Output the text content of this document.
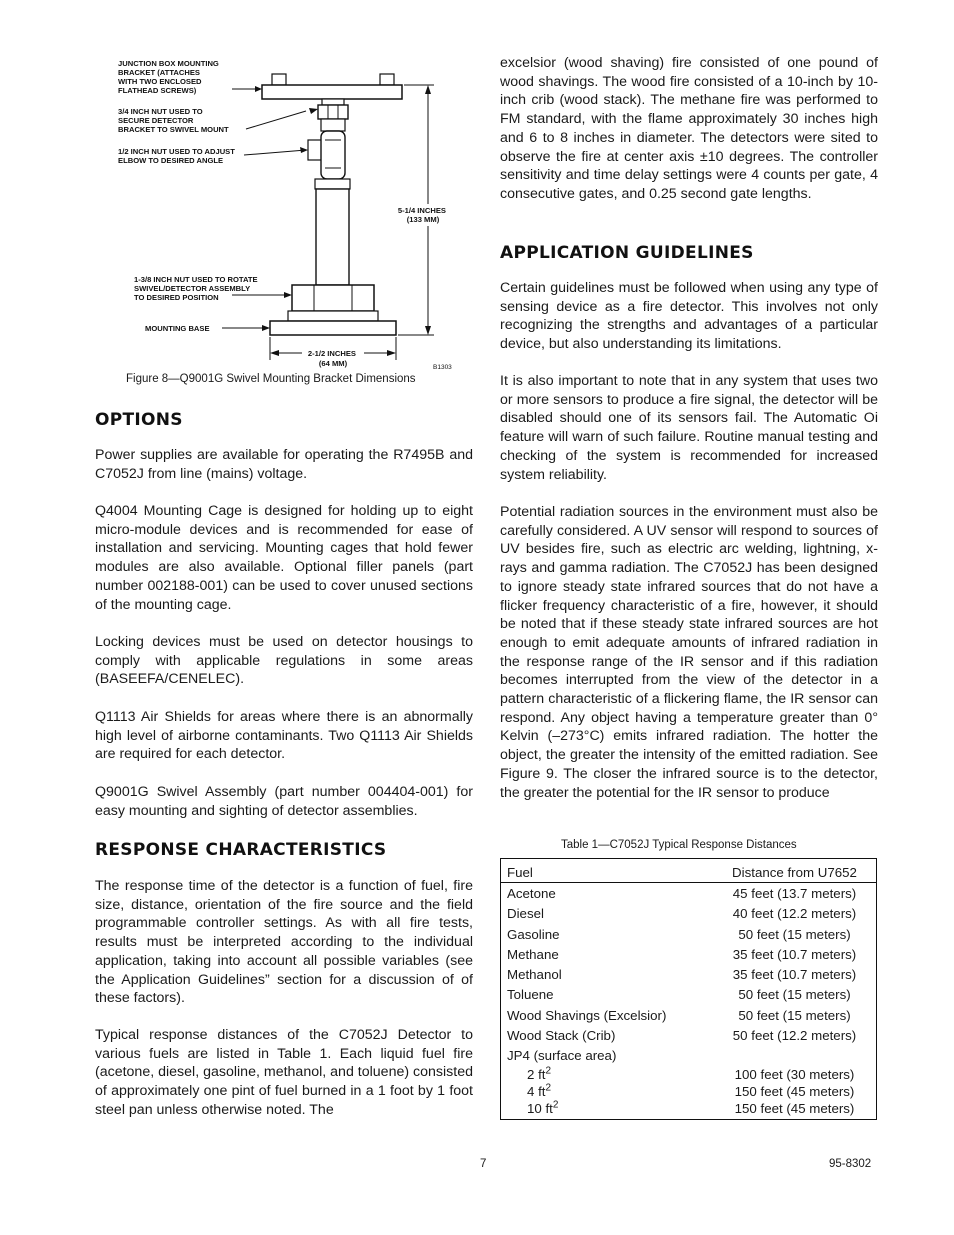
JUNCTION BOX MOUNTING BRACKET (ATTACHES WITH TWO ENCLOSED FLATHEAD SCREWS)
3/4 INCH NUT USED TO SECURE DETECTOR BRACKET TO SWIVEL MOUNT
1/2 INCH NUT USED TO ADJUST ELBOW TO DESIRED ANGLE
1-3/8 INCH NUT USED TO ROTATE SWIVEL/DETECTOR ASSEMBLY TO DESIRED POSITION
MOUNTING BASE
5-1/4 INCHES (133 MM)
2-1/2 INCHES (64 MM)	B1303
Figure 8—Q9001G Swivel Mounting Bracket Dimensions
OPTIONS

Power supplies are available for operating the R7495B and C7052J from line (mains) voltage.

Q4004 Mounting Cage is designed for holding up to eight micro-module devices and is recommended for ease of installation and servicing. Mounting cages that hold fewer modules are also available. Optional filler panels (part number 002188-001) can be used to cover unused sections of the mounting cage.

Locking devices must be used on detector housings to comply with applicable regulations in some areas (BASEEFA/CENELEC).

Q1113 Air Shields for areas where there is an abnormally high level of airborne contaminants. Two Q1113 Air Shields are required for each detector.

Q9001G Swivel Assembly (part number 004404-001) for easy mounting and sighting of detector assemblies.

RESPONSE CHARACTERISTICS

The response time of the detector is a function of fuel, fire size, distance, orientation of the fire source and the field programmable controller settings. As with all fire tests, results must be interpreted according to the individual application, taking into account all possible variables (see the Application Guidelines” section for a discussion of of these factors).

Typical response distances of the C7052J Detector to various fuels are listed in Table 1. Each liquid fuel fire (acetone, diesel, gasoline, methanol, and toluene) consisted of approximately one pint of fuel burned in a 1 foot by 1 foot steel pan unless otherwise noted. The

excelsior (wood shaving) fire consisted of one pound of wood shavings. The wood fire consisted of a 10-inch by 10-inch crib (wood stack). The methane fire was performed to FM standard, with the flame approximately 30 inches high and 6 to 8 inches in diameter. The detectors were sited to observe the fire at center axis ±10 degrees. The controller sensitivity and time delay settings were 4 counts per gate, 4 consecutive gates, and 0.25 second gate lengths.

APPLICATION GUIDELINES

Certain guidelines must be followed when using any type of sensing device as a fire detector. This involves not only recognizing the strengths and advantages of a particular device, but also understanding its limitations.

It is also important to note that in any system that uses two or more sensors to produce a fire signal, the detector will be disabled should one of its sensors fail. The Automatic Oi feature will warn of such failure. Routine manual testing and checking of the system is recommended for increased system reliability.

Potential radiation sources in the environment must also be carefully considered. A UV sensor will respond to sources of UV besides fire, such as electric arc welding, lightning, x-rays and gamma radiation. The C7052J has been designed to ignore steady state infrared sources that do not have a flicker frequency characteristic of a fire, however, it should be noted that if these steady state infrared sources are hot enough to emit adequate amounts of infrared radiation in the response range of the IR sensor and if this radiation becomes interrupted from the view of the detector in a pattern characteristic of a flickering flame, the IR sensor can respond. Any object having a temperature greater than 0° Kelvin (–273°C) emits infrared radiation. The hotter the object, the greater the intensity of the emitted radiation. See Figure 9. The closer the infrared source is to the detector, the greater the potential for the IR sensor to produce

Table 1—C7052J Typical Response Distances
Fuel	Distance from U7652
Acetone	45 feet (13.7 meters)
Diesel	40 feet (12.2 meters)
Gasoline	50 feet (15 meters)
Methane	35 feet (10.7 meters)
Methanol	35 feet (10.7 meters)
Toluene	50 feet (15 meters)
Wood Shavings (Excelsior)	50 feet (15 meters)
Wood Stack (Crib)	50 feet (12.2 meters)
JP4 (surface area)	
2 $ft^2$	100 feet (30 meters)
4 $ft^2$	150 feet (45 meters)
10 $ft^2$	150 feet (45 meters)
7	95-8302
